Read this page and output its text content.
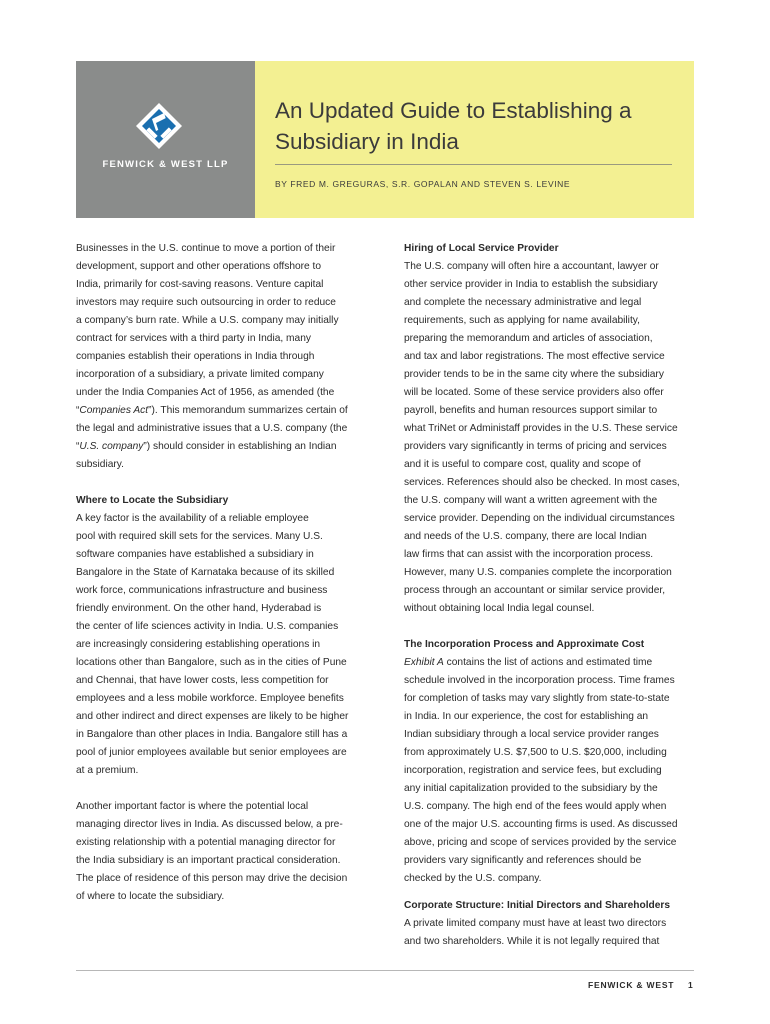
FENWICK & WEST LLP
An Updated Guide to Establishing a Subsidiary in India
BY FRED M. GREGURAS, S.R. GOPALAN AND STEVEN S. LEVINE

Businesses in the U.S. continue to move a portion of their
development, support and other operations offshore to
India, primarily for cost-saving reasons. Venture capital
investors may require such outsourcing in order to reduce
a company’s burn rate. While a U.S. company may initially
contract for services with a third party in India, many
companies establish their operations in India through
incorporation of a subsidiary, a private limited company
under the India Companies Act of 1956, as amended (the
“Companies Act”). This memorandum summarizes certain of
the legal and administrative issues that a U.S. company (the
“U.S. company”) should consider in establishing an Indian
subsidiary.

Where to Locate the Subsidiary

A key factor is the availability of a reliable employee
pool with required skill sets for the services. Many U.S.
software companies have established a subsidiary in
Bangalore in the State of Karnataka because of its skilled
work force, communications infrastructure and business
friendly environment. On the other hand, Hyderabad is
the center of life sciences activity in India. U.S. companies
are increasingly considering establishing operations in
locations other than Bangalore, such as in the cities of Pune
and Chennai, that have lower costs, less competition for
employees and a less mobile workforce. Employee benefits
and other indirect and direct expenses are likely to be higher
in Bangalore than other places in India. Bangalore still has a
pool of junior employees available but senior employees are
at a premium.

Another important factor is where the potential local
managing director lives in India. As discussed below, a pre-
existing relationship with a potential managing director for
the India subsidiary is an important practical consideration.
The place of residence of this person may drive the decision
of where to locate the subsidiary.

Hiring of Local Service Provider

The U.S. company will often hire a accountant, lawyer or
other service provider in India to establish the subsidiary
and complete the necessary administrative and legal
requirements, such as applying for name availability,
preparing the memorandum and articles of association,
and tax and labor registrations. The most effective service
provider tends to be in the same city where the subsidiary
will be located. Some of these service providers also offer
payroll, benefits and human resources support similar to
what TriNet or Administaff provides in the U.S. These service
providers vary significantly in terms of pricing and services
and it is useful to compare cost, quality and scope of
services. References should also be checked. In most cases,
the U.S. company will want a written agreement with the
service provider. Depending on the individual circumstances
and needs of the U.S. company, there are local Indian
law firms that can assist with the incorporation process.
However, many U.S. companies complete the incorporation
process through an accountant or similar service provider,
without obtaining local India legal counsel.

The Incorporation Process and Approximate Cost

Exhibit A contains the list of actions and estimated time
schedule involved in the incorporation process. Time frames
for completion of tasks may vary slightly from state-to-state
in India. In our experience, the cost for establishing an
Indian subsidiary through a local service provider ranges
from approximately U.S. $7,500 to U.S. $20,000, including
incorporation, registration and service fees, but excluding
any initial capitalization provided to the subsidiary by the
U.S. company. The high end of the fees would apply when
one of the major U.S. accounting firms is used. As discussed
above, pricing and scope of services provided by the service
providers vary significantly and references should be
checked by the U.S. company.

Corporate Structure: Initial Directors and Shareholders

A private limited company must have at least two directors
and two shareholders. While it is not legally required that

FENWICK & WEST 1
